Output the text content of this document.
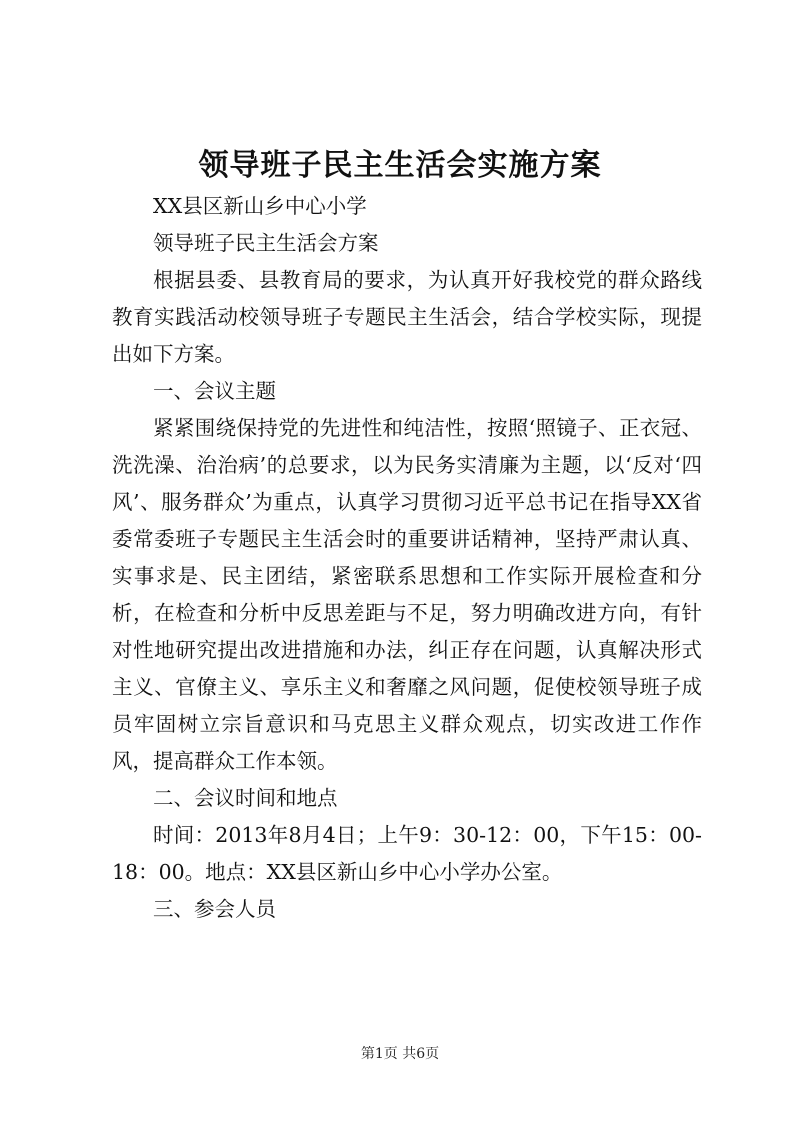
领导班子民主生活会实施方案

XX县区新山乡中心小学

领导班子民主生活会方案

根据县委、县教育局的要求，为认真开好我校党的群众路线教育实践活动校领导班子专题民主生活会，结合学校实际，现提出如下方案。

一、会议主题

紧紧围绕保持党的先进性和纯洁性，按照‘照镜子、正衣冠、洗洗澡、治治病’的总要求，以为民务实清廉为主题，以‘反对‘四风’、服务群众’为重点，认真学习贯彻习近平总书记在指导XX省委常委班子专题民主生活会时的重要讲话精神，坚持严肃认真、实事求是、民主团结，紧密联系思想和工作实际开展检查和分析，在检查和分析中反思差距与不足，努力明确改进方向，有针对性地研究提出改进措施和办法，纠正存在问题，认真解决形式主义、官僚主义、享乐主义和奢靡之风问题，促使校领导班子成员牢固树立宗旨意识和马克思主义群众观点，切实改进工作作风，提高群众工作本领。

二、会议时间和地点

时间：2013年8月4日；上午9：30-12：00，下午15：00-18：00。地点：XX县区新山乡中心小学办公室。

三、参会人员

第1页 共6页
